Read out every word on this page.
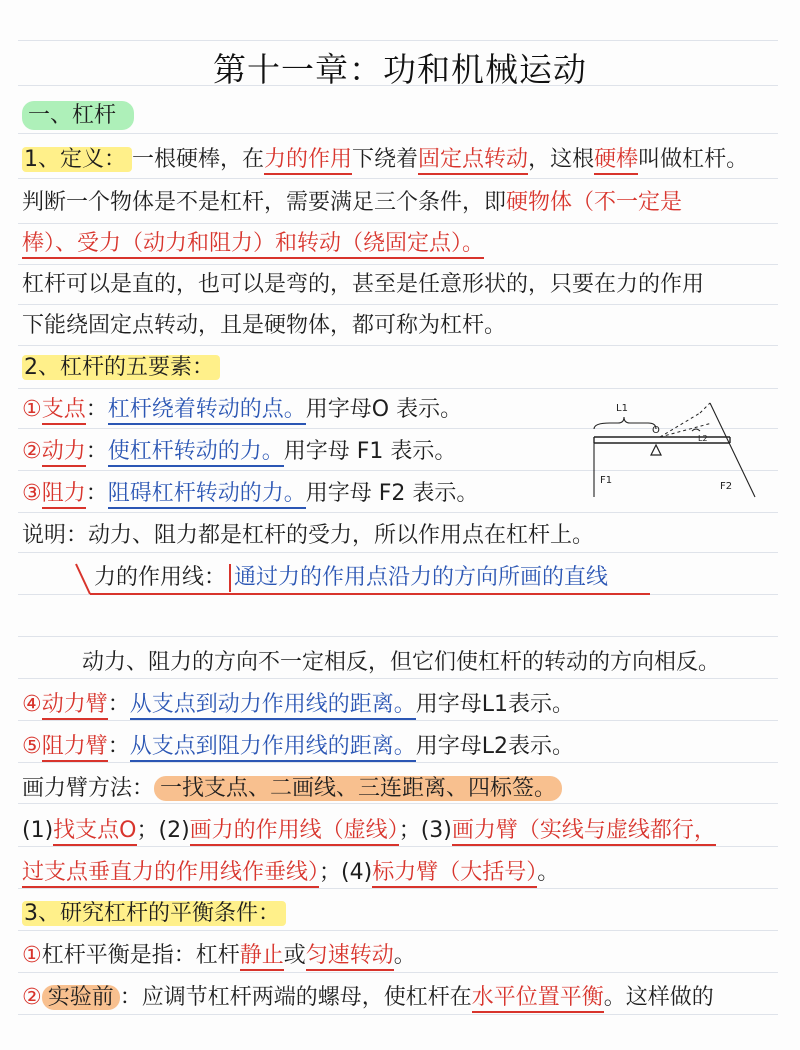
第十一章：功和机械运动
一、杠杆
1、定义： 一根硬棒，在力的作用下绕着固定点转动，这根硬棒叫做杠杆。
判断一个物体是不是杠杆，需要满足三个条件，即硬物体（不一定是
棒）、受力（动力和阻力）和转动（绕固定点）。
杠杆可以是直的，也可以是弯的，甚至是任意形状的，只要在力的作用
下能绕固定点转动，且是硬物体，都可称为杠杆。
2、杠杆的五要素：
①支点：杠杆绕着转动的点。用字母O 表示。
②动力：使杠杆转动的力。用字母 F1 表示。
③阻力：阻碍杠杆转动的力。用字母 F2 表示。
L1
O
L2
F1
F2
说明：动力、阻力都是杠杆的受力，所以作用点在杠杆上。
力的作用线： 通过力的作用点沿力的方向所画的直线
动力、阻力的方向不一定相反，但它们使杠杆的转动的方向相反。
④动力臂：从支点到动力作用线的距离。用字母L1表示。
⑤阻力臂：从支点到阻力作用线的距离。用字母L2表示。
画力臂方法： 一找支点、二画线、三连距离、四标签。
(1)找支点O；(2)画力的作用线（虚线）；(3)画力臂（实线与虚线都行，
过支点垂直力的作用线作垂线）；(4)标力臂（大括号）。
3、研究杠杆的平衡条件：
①杠杆平衡是指：杠杆静止或匀速转动。
② 实验前 ：应调节杠杆两端的螺母，使杠杆在水平位置平衡。这样做的
